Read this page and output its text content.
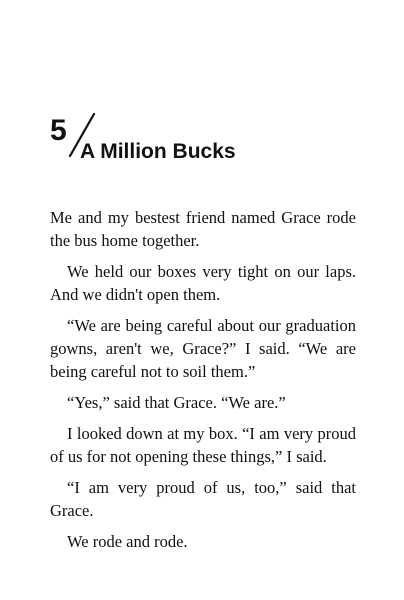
5
A Million Bucks

Me and my bestest friend named Grace rode the bus home together.

We held our boxes very tight on our laps. And we didn't open them.

“We are being careful about our graduation gowns, aren't we, Grace?” I said. “We are being careful not to soil them.”

“Yes,” said that Grace. “We are.”

I looked down at my box. “I am very proud of us for not opening these things,” I said.

“I am very proud of us, too,” said that Grace.

We rode and rode.
